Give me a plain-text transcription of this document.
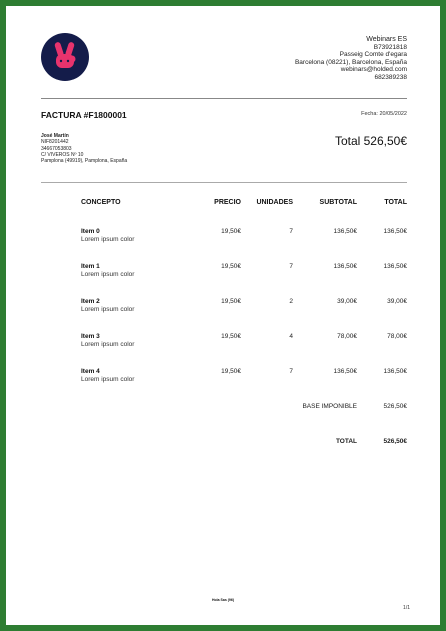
Webinars ES
B73921818
Passeig Comte d'egara
Barcelona (08221), Barcelona, España
webinars@holded.com
682389238
FACTURA #F1800001	Fecha: 20/05/2022
José Martín
NIF8201442
34667053803
C/ VIVEROS Nº 10
Pamplona (49919), Pamplona, España
Total 526,50€
CONCEPTO	PRECIO	UNIDADES	SUBTOTAL	TOTAL

Item 0
Lorem ipsum color	19,50€	7	136,50€	136,50€

Item 1
Lorem ipsum color	19,50€	7	136,50€	136,50€

Item 2
Lorem ipsum color	19,50€	2	39,00€	39,00€

Item 3
Lorem ipsum color	19,50€	4	78,00€	78,00€

Item 4
Lorem ipsum color	19,50€	7	136,50€	136,50€
BASE IMPONIBLE				526,50€
TOTAL				526,50€
Hola Sas (96)
1/1
